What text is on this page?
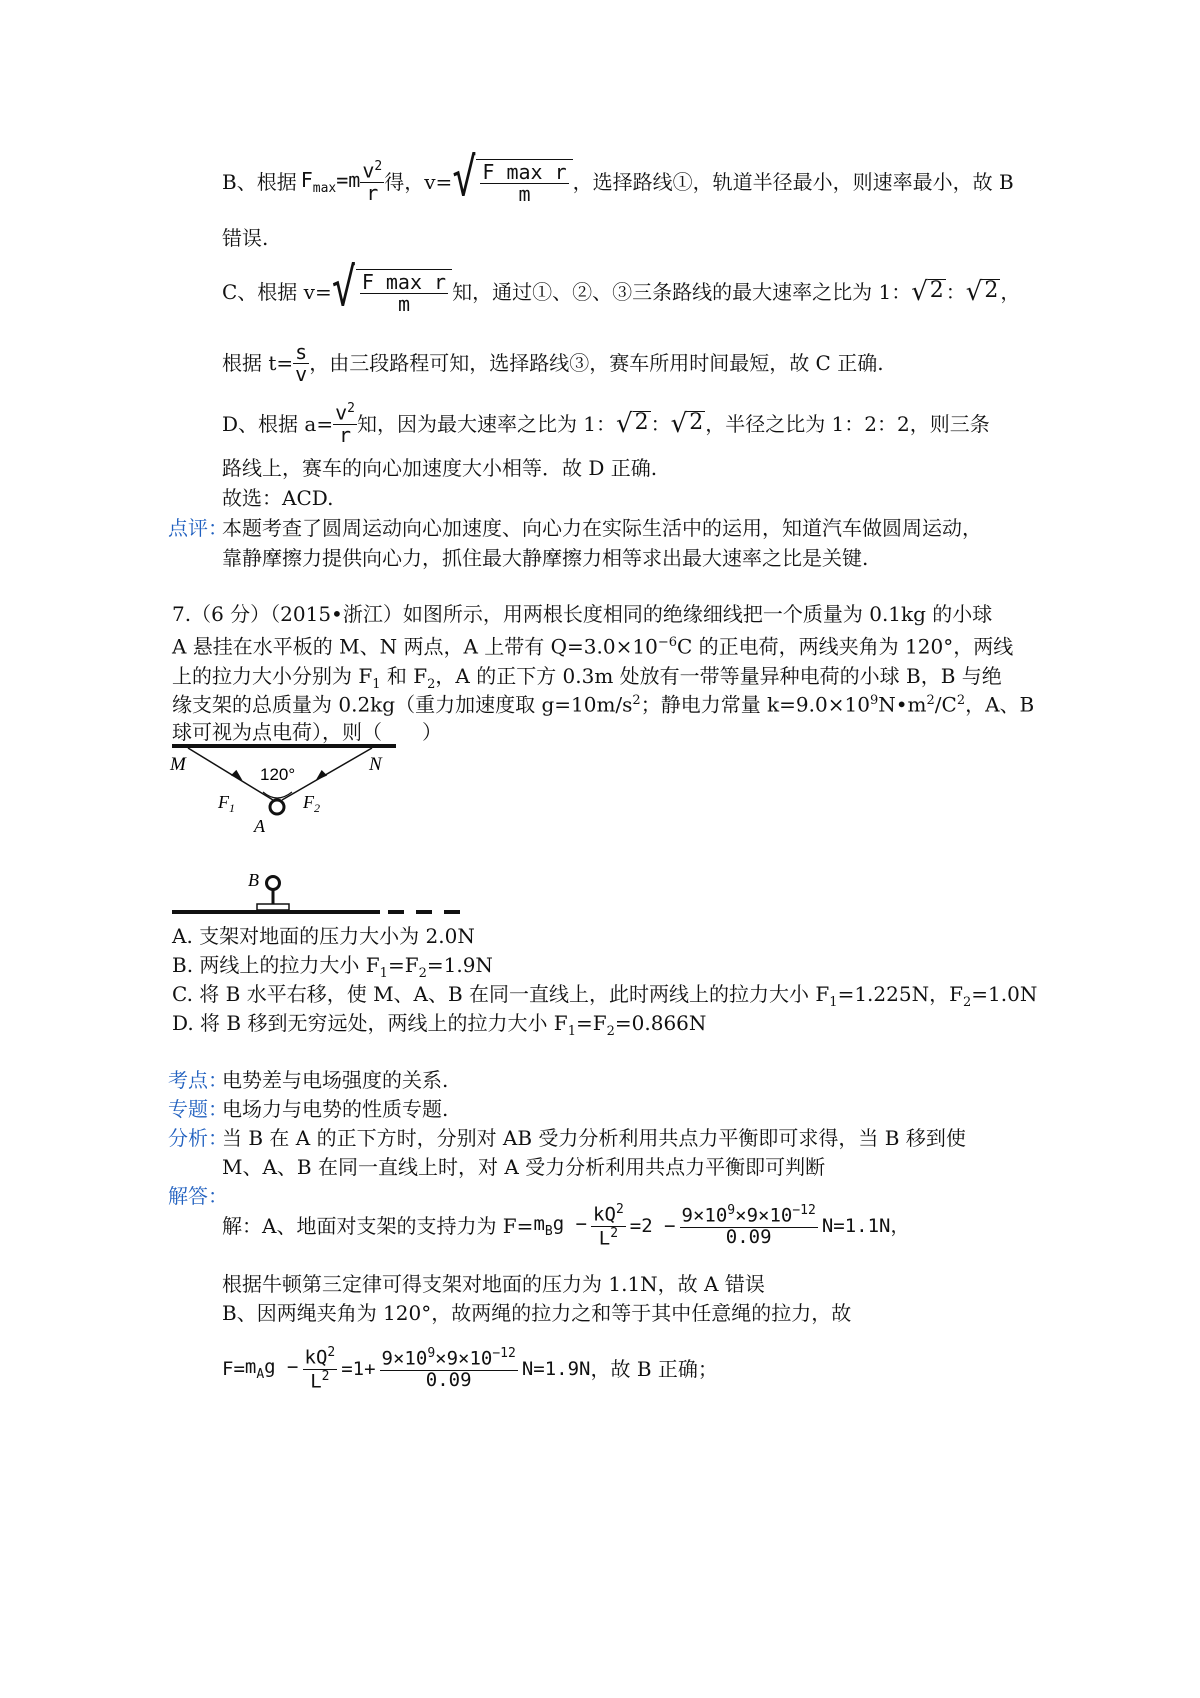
B、根据 $F_{max}=m \frac{v^2}{r}$ 得，v= √ $\frac{\text{F max r}}{m}$ ，选择路线①，轨道半径最小，则速率最小，故 B
错误.
C、根据 v= √ $\frac{\text{F max r}}{m}$ 知，通过①、②、③三条路线的最大速率之比为 1： √ 2 ： √ 2 ，
根据 $t= \frac{s}{v}$ ，由三段路程可知，选择路线③，赛车所用时间最短，故 C 正确.
D、根据 $a= \frac{v^2}{r}$ 知，因为最大速率之比为 1： √ 2 ： √ 2 ，半径之比为 1：2：2，则三条
路线上，赛车的向心加速度大小相等．故 D 正确.
故选：ACD.
点评：
本题考查了圆周运动向心加速度、向心力在实际生活中的运用，知道汽车做圆周运动，
靠静摩擦力提供向心力，抓住最大静摩擦力相等求出最大速率之比是关键.
7.（6 分）（2015•浙江）如图所示，用两根长度相同的绝缘细线把一个质量为 0.1kg 的小球
A 悬挂在水平板的 M、N 两点，A 上带有 $Q=3.0\times 10^{-6}C$ 的正电荷，两线夹角为 120°，两线
上的拉力大小分别为 $F_1$ 和 $F_2$，A 的正下方 0.3m 处放有一带等量异种电荷的小球 B，B 与绝
缘支架的总质量为 0.2kg（重力加速度取 $g=10m/s^2$；静电力常量 $k=9.0\times 10^9N•m^2/C^2$，A、B
球可视为点电荷），则（　　）
M	N
120°
$F_1$	$F_2$
A
B
A. 支架对地面的压力大小为 2.0N
B. 两线上的拉力大小 $F_1=F_2=1.9N$
C. 将 B 水平右移，使 M、A、B 在同一直线上，此时两线上的拉力大小 $F_1=1.225N$，$F_2=1.0N$
D. 将 B 移到无穷远处，两线上的拉力大小 $F_1=F_2=0.866N$
考点：
电势差与电场强度的关系.
专题：
电场力与电势的性质专题.
分析：
当 B 在 A 的正下方时，分别对 AB 受力分析利用共点力平衡即可求得，当 B 移到使
M、A、B 在同一直线上时，对 A 受力分析利用共点力平衡即可判断
解答：
解：A、地面对支架的支持力为 $F= m_Bg - \frac{kQ^2}{L^2} =2 - \frac{9\times 10^9\times 9\times 10^{-12}}{0.09} N=1.1N$，
根据牛顿第三定律可得支架对地面的压力为 1.1N，故 A 错误
B、因两绳夹角为 120°，故两绳的拉力之和等于其中任意绳的拉力，故
$F= m_Ag - \frac{kQ^2}{L^2} =1+ \frac{9\times 10^9\times 9\times 10^{-12}}{0.09} N=1.9N$ ，故 B 正确；
